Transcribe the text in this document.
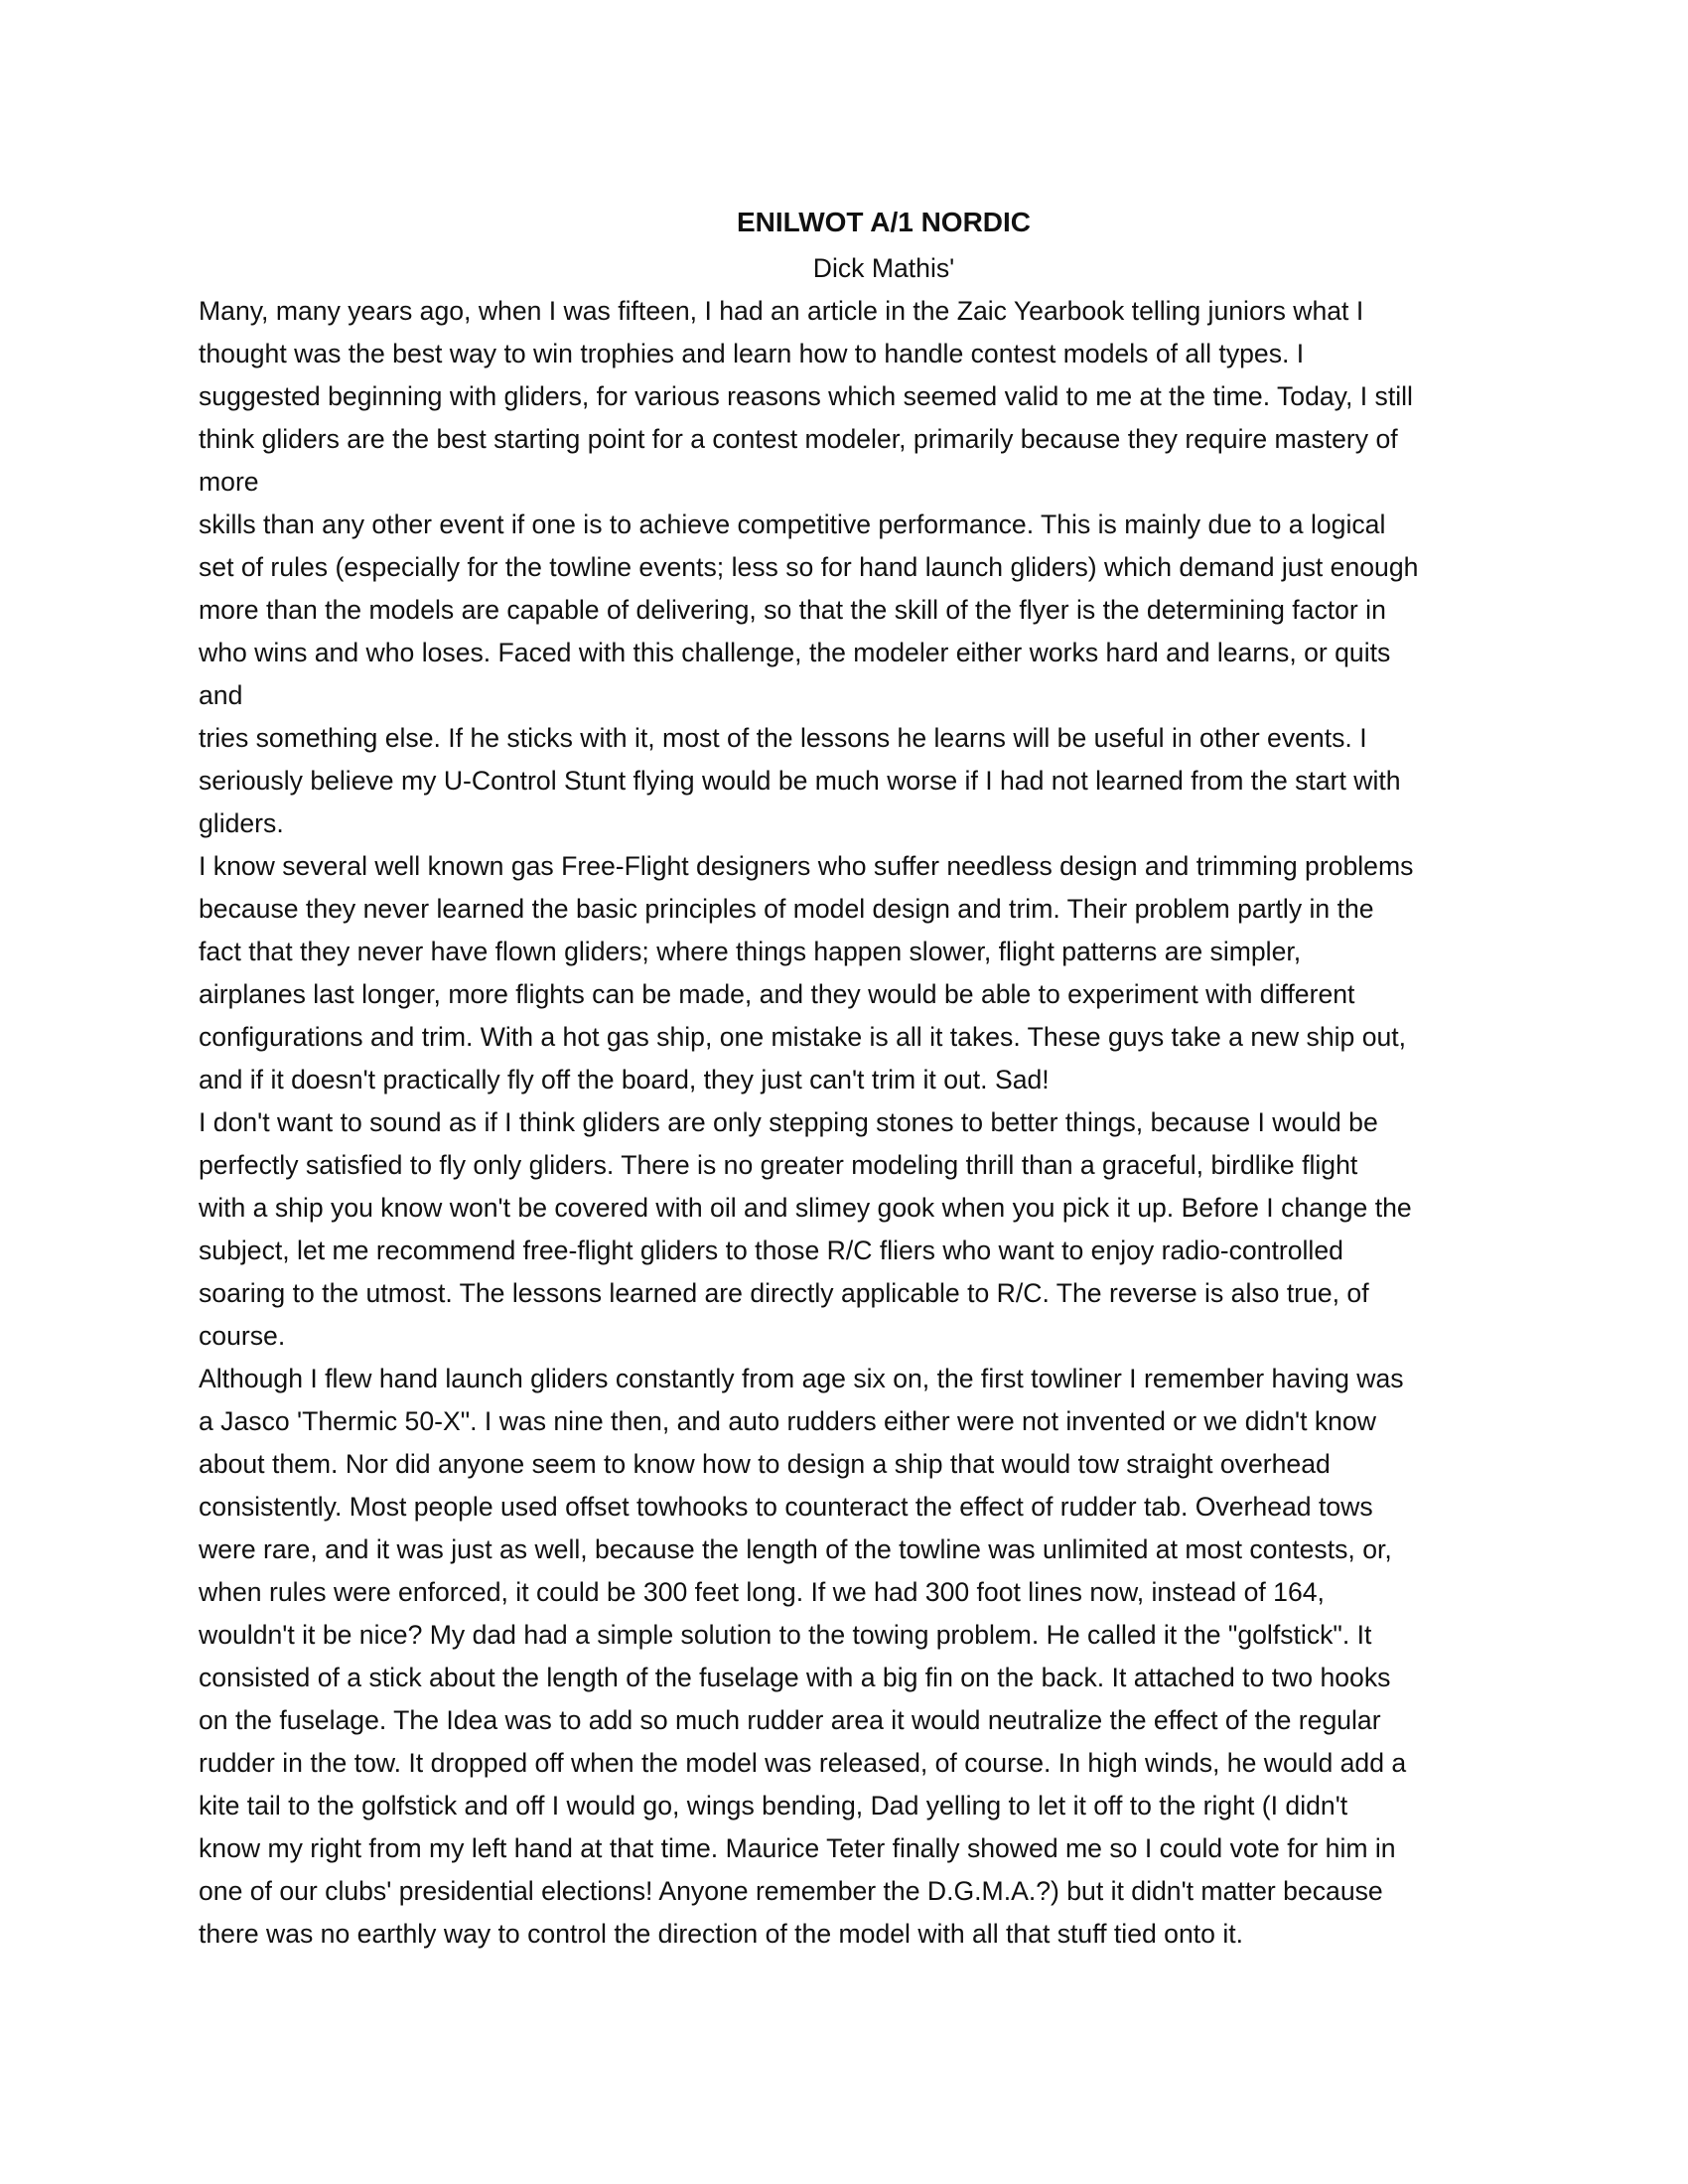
ENILWOT A/1 NORDIC
Dick Mathis'
Many, many years ago, when I was fifteen, I had an article in the Zaic Yearbook telling juniors what I
thought was the best way to win trophies and learn how to handle contest models of all types. I
suggested beginning with gliders, for various reasons which seemed valid to me at the time. Today, I still
think gliders are the best starting point for a contest modeler, primarily because they require mastery of
more
skills than any other event if one is to achieve competitive performance. This is mainly due to a logical
set of rules (especially for the towline events; less so for hand launch gliders) which demand just enough
more than the models are capable of delivering, so that the skill of the flyer is the determining factor in
who wins and who loses. Faced with this challenge, the modeler either works hard and learns, or quits
and
tries something else. If he sticks with it, most of the lessons he learns will be useful in other events. I
seriously believe my U-Control Stunt flying would be much worse if I had not learned from the start with
gliders.
I know several well known gas Free-Flight designers who suffer needless design and trimming problems
because they never learned the basic principles of model design and trim. Their problem partly in the
fact that they never have flown gliders; where things happen slower, flight patterns are simpler,
airplanes last longer, more flights can be made, and they would be able to experiment with different
configurations and trim. With a hot gas ship, one mistake is all it takes. These guys take a new ship out,
and if it doesn't practically fly off the board, they just can't trim it out. Sad!
I don't want to sound as if I think gliders are only stepping stones to better things, because I would be
perfectly satisfied to fly only gliders. There is no greater modeling thrill than a graceful, birdlike flight
with a ship you know won't be covered with oil and slimey gook when you pick it up. Before I change the
subject, let me recommend free-flight gliders to those R/C fliers who want to enjoy radio-controlled
soaring to the utmost. The lessons learned are directly applicable to R/C. The reverse is also true, of
course.
Although I flew hand launch gliders constantly from age six on, the first towliner I remember having was
a Jasco 'Thermic 50-X". I was nine then, and auto rudders either were not invented or we didn't know
about them. Nor did anyone seem to know how to design a ship that would tow straight overhead
consistently. Most people used offset towhooks to counteract the effect of rudder tab. Overhead tows
were rare, and it was just as well, because the length of the towline was unlimited at most contests, or,
when rules were enforced, it could be 300 feet long. If we had 300 foot lines now, instead of 164,
wouldn't it be nice? My dad had a simple solution to the towing problem. He called it the "golfstick". It
consisted of a stick about the length of the fuselage with a big fin on the back. It attached to two hooks
on the fuselage. The Idea was to add so much rudder area it would neutralize the effect of the regular
rudder in the tow. It dropped off when the model was released, of course. In high winds, he would add a
kite tail to the golfstick and off I would go, wings bending, Dad yelling to let it off to the right (I didn't
know my right from my left hand at that time. Maurice Teter finally showed me so I could vote for him in
one of our clubs' presidential elections! Anyone remember the D.G.M.A.?) but it didn't matter because
there was no earthly way to control the direction of the model with all that stuff tied onto it.
